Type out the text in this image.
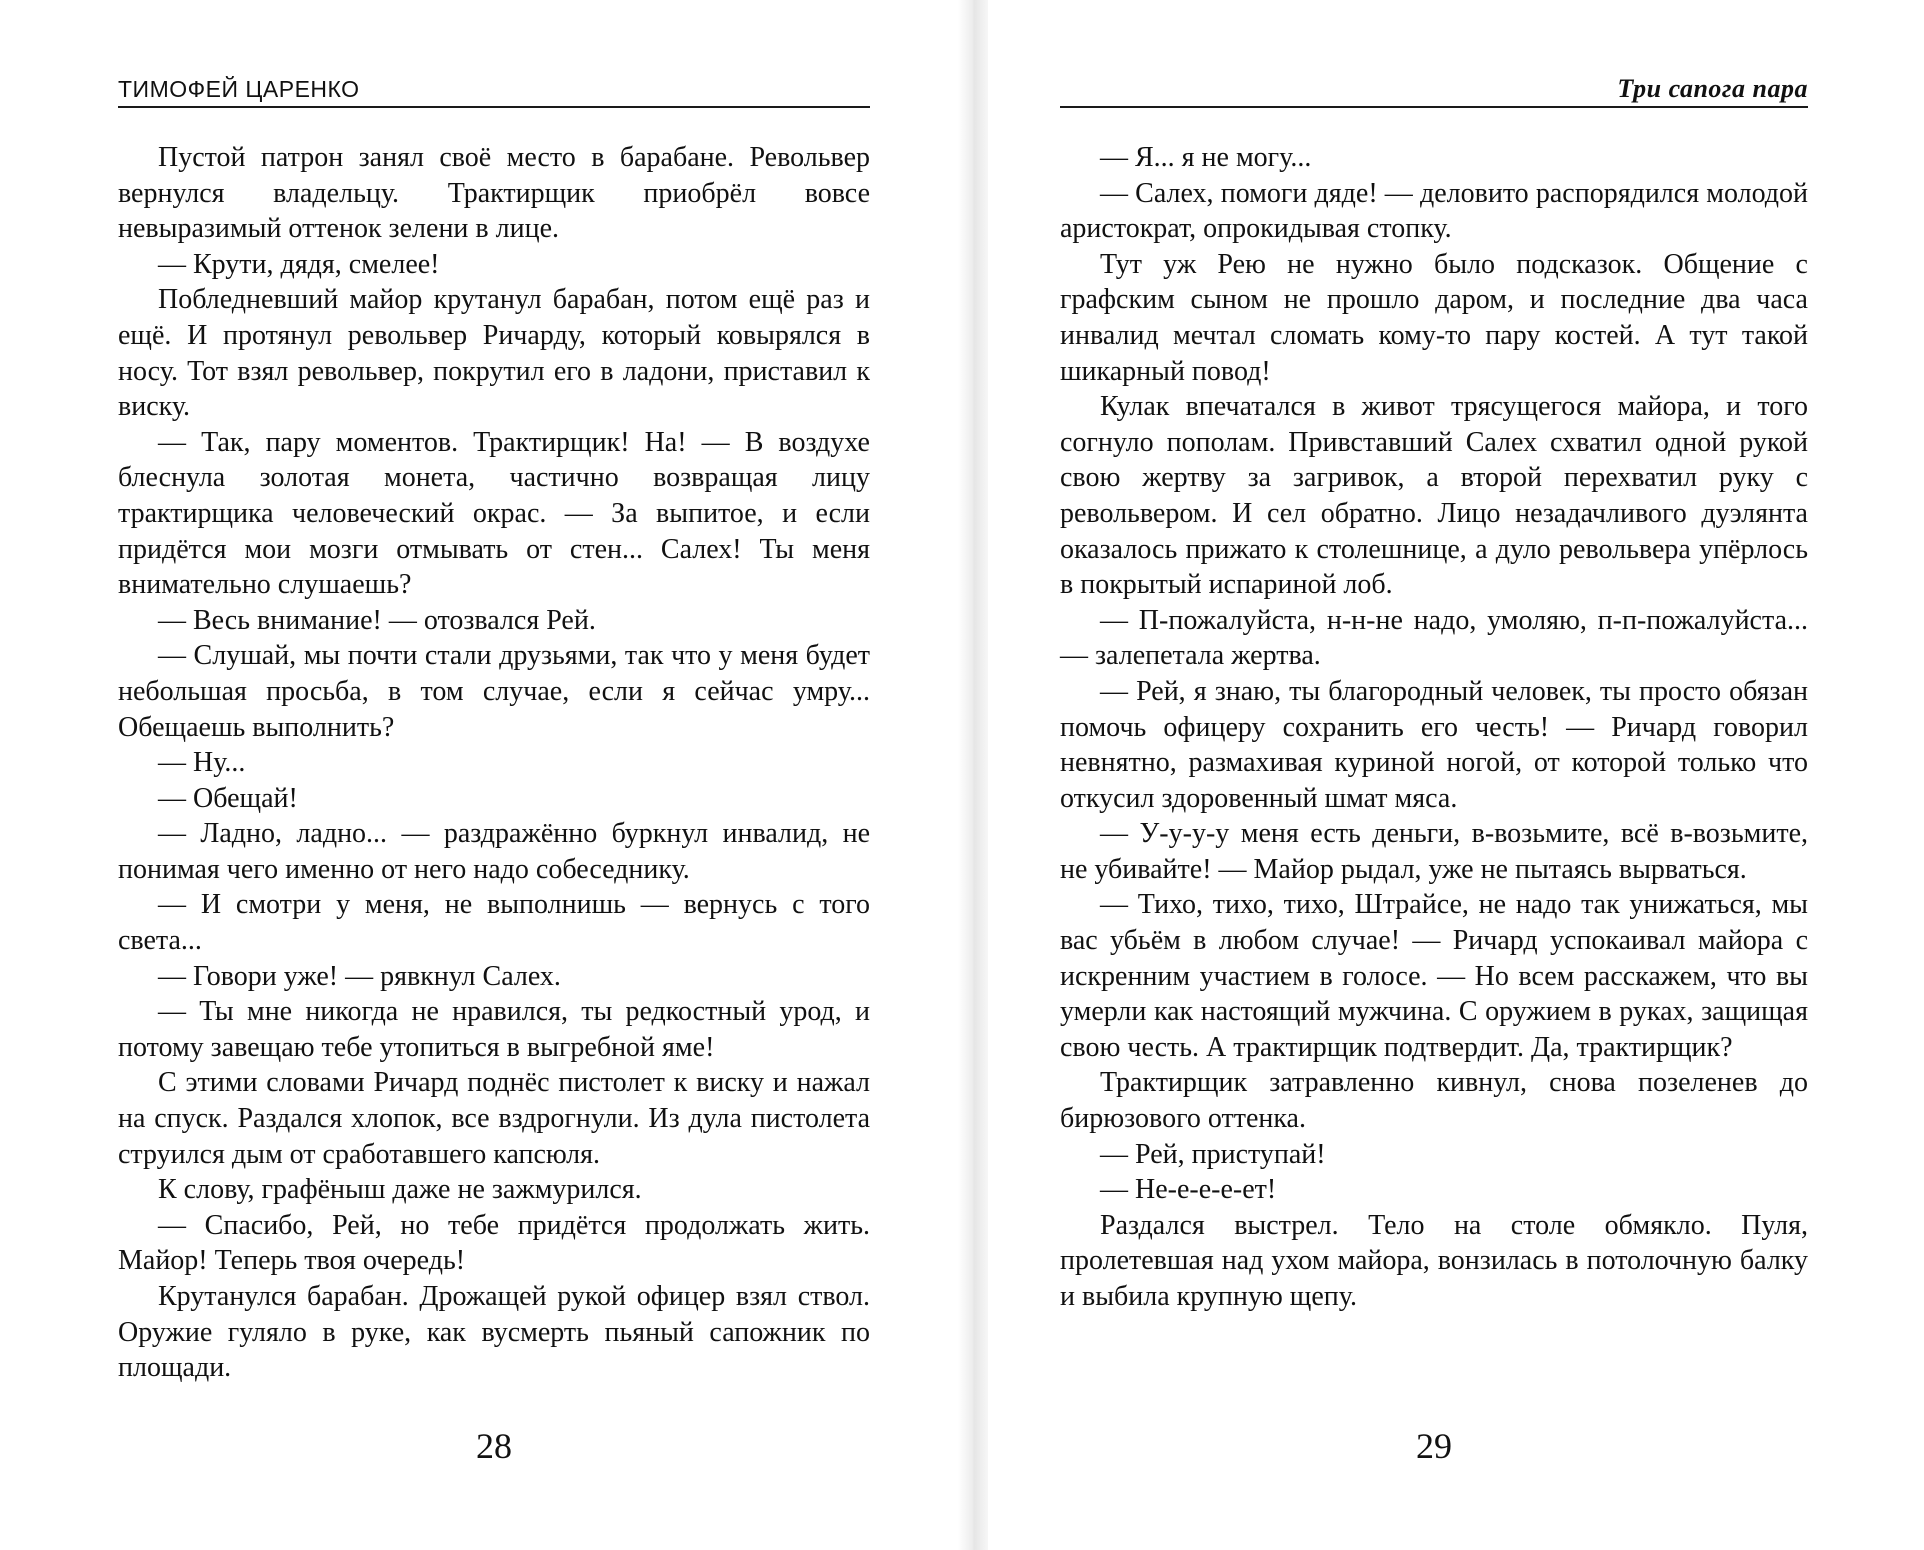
ТИМОФЕЙ ЦАРЕНКО

Пустой патрон занял своё место в барабане. Револьвер вернулся владельцу. Трактирщик приобрёл вовсе невыразимый оттенок зелени в лице.

— Крути, дядя, смелее!

Побледневший майор крутанул барабан, потом ещё раз и ещё. И протянул револьвер Ричарду, который ковырялся в носу. Тот взял револьвер, покрутил его в ладони, приставил к виску.

— Так, пару моментов. Трактирщик! На! — В воздухе блеснула золотая монета, частично возвращая лицу трактирщика человеческий окрас. — За выпитое, и если придётся мои мозги отмывать от стен... Салех! Ты меня внимательно слушаешь?

— Весь внимание! — отозвался Рей.

— Слушай, мы почти стали друзьями, так что у меня будет небольшая просьба, в том случае, если я сейчас умру... Обещаешь выполнить?

— Ну...

— Обещай!

— Ладно, ладно... — раздражённо буркнул инвалид, не понимая чего именно от него надо собеседнику.

— И смотри у меня, не выполнишь — вернусь с того света...

— Говори уже! — рявкнул Салех.

— Ты мне никогда не нравился, ты редкостный урод, и потому завещаю тебе утопиться в выгребной яме!

С этими словами Ричард поднёс пистолет к виску и нажал на спуск. Раздался хлопок, все вздрогнули. Из дула пистолета струился дым от сработавшего капсюля.

К слову, графёныш даже не зажмурился.

— Спасибо, Рей, но тебе придётся продолжать жить. Майор! Теперь твоя очередь!

Крутанулся барабан. Дрожащей рукой офицер взял ствол. Оружие гуляло в руке, как вусмерть пьяный сапожник по площади.

28
Три сапога пара

— Я... я не могу...

— Салех, помоги дяде! — деловито распорядился молодой аристократ, опрокидывая стопку.

Тут уж Рею не нужно было подсказок. Общение с графским сыном не прошло даром, и последние два часа инвалид мечтал сломать кому-то пару костей. А тут такой шикарный повод!

Кулак впечатался в живот трясущегося майора, и того согнуло пополам. Привставший Салех схватил одной рукой свою жертву за загривок, а второй перехватил руку с револьвером. И сел обратно. Лицо незадачливого дуэлянта оказалось прижато к столешнице, а дуло револьвера упёрлось в покрытый испариной лоб.

— П-пожалуйста, н-н-не надо, умоляю, п-п-пожалуйста... — залепетала жертва.

— Рей, я знаю, ты благородный человек, ты просто обязан помочь офицеру сохранить его честь! — Ричард говорил невнятно, размахивая куриной ногой, от которой только что откусил здоровенный шмат мяса.

— У-у-у-у меня есть деньги, в-возьмите, всё в-возьмите, не убивайте! — Майор рыдал, уже не пытаясь вырваться.

— Тихо, тихо, тихо, Штрайсе, не надо так унижаться, мы вас убьём в любом случае! — Ричард успокаивал майора с искренним участием в голосе. — Но всем расскажем, что вы умерли как настоящий мужчина. С оружием в руках, защищая свою честь. А трактирщик подтвердит. Да, трактирщик?

Трактирщик затравленно кивнул, снова позеленев до бирюзового оттенка.

— Рей, приступай!

— Не-е-е-е-ет!

Раздался выстрел. Тело на столе обмякло. Пуля, пролетевшая над ухом майора, вонзилась в потолочную балку и выбила крупную щепу.

29
